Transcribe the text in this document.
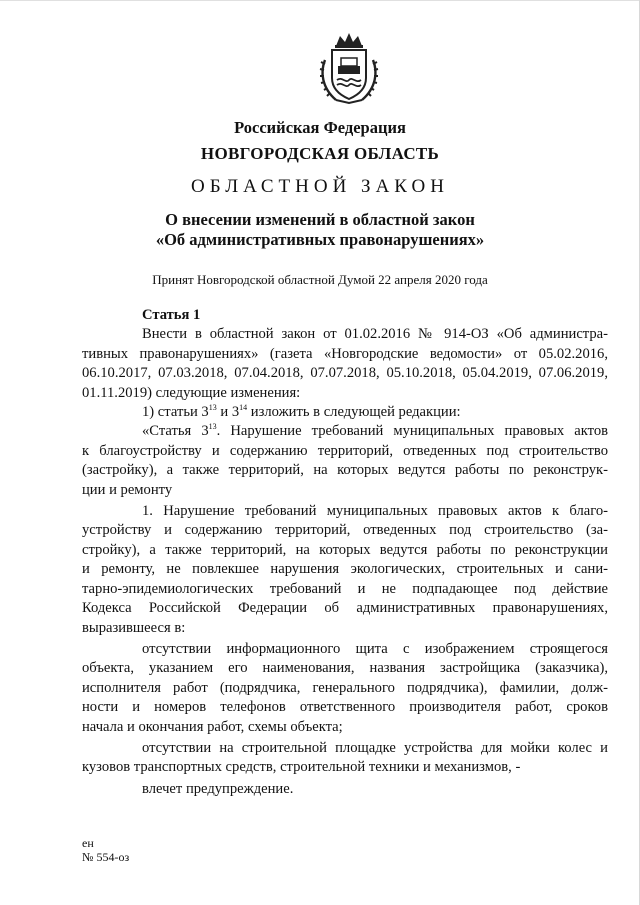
Российская Федерация

НОВГОРОДСКАЯ ОБЛАСТЬ

ОБЛАСТНОЙ ЗАКОН

О внесении изменений в областной закон

«Об административных правонарушениях»

Принят Новгородской областной Думой 22 апреля 2020 года

Статья 1

Внести в областной закон от 01.02.2016 № 914-ОЗ «Об администра-

тивных правонарушениях» (газета «Новгородские ведомости» от 05.02.2016,

06.10.2017, 07.03.2018, 07.04.2018, 07.07.2018, 05.10.2018, 05.04.2019, 07.06.2019,

01.11.2019) следующие изменения:

1) статьи $3^{13}$ и $3^{14}$ изложить в следующей редакции:

«Статья $3^{13}$. Нарушение требований муниципальных правовых актов

к благоустройству и содержанию территорий, отведенных под строительство

(застройку), а также территорий, на которых ведутся работы по реконструк-

ции и ремонту

1. Нарушение требований муниципальных правовых актов к благо-

устройству и содержанию территорий, отведенных под строительство (за-

стройку), а также территорий, на которых ведутся работы по реконструкции

и ремонту, не повлекшее нарушения экологических, строительных и сани-

тарно-эпидемиологических требований и не подпадающее под действие

Кодекса Российской Федерации об административных правонарушениях,

выразившееся в:

отсутствии информационного щита с изображением строящегося

объекта, указанием его наименования, названия застройщика (заказчика),

исполнителя работ (подрядчика, генерального подрядчика), фамилии, долж-

ности и номеров телефонов ответственного производителя работ, сроков

начала и окончания работ, схемы объекта;

отсутствии на строительной площадке устройства для мойки колес и

кузовов транспортных средств, строительной техники и механизмов, -

влечет предупреждение.

ен
№ 554-оз
